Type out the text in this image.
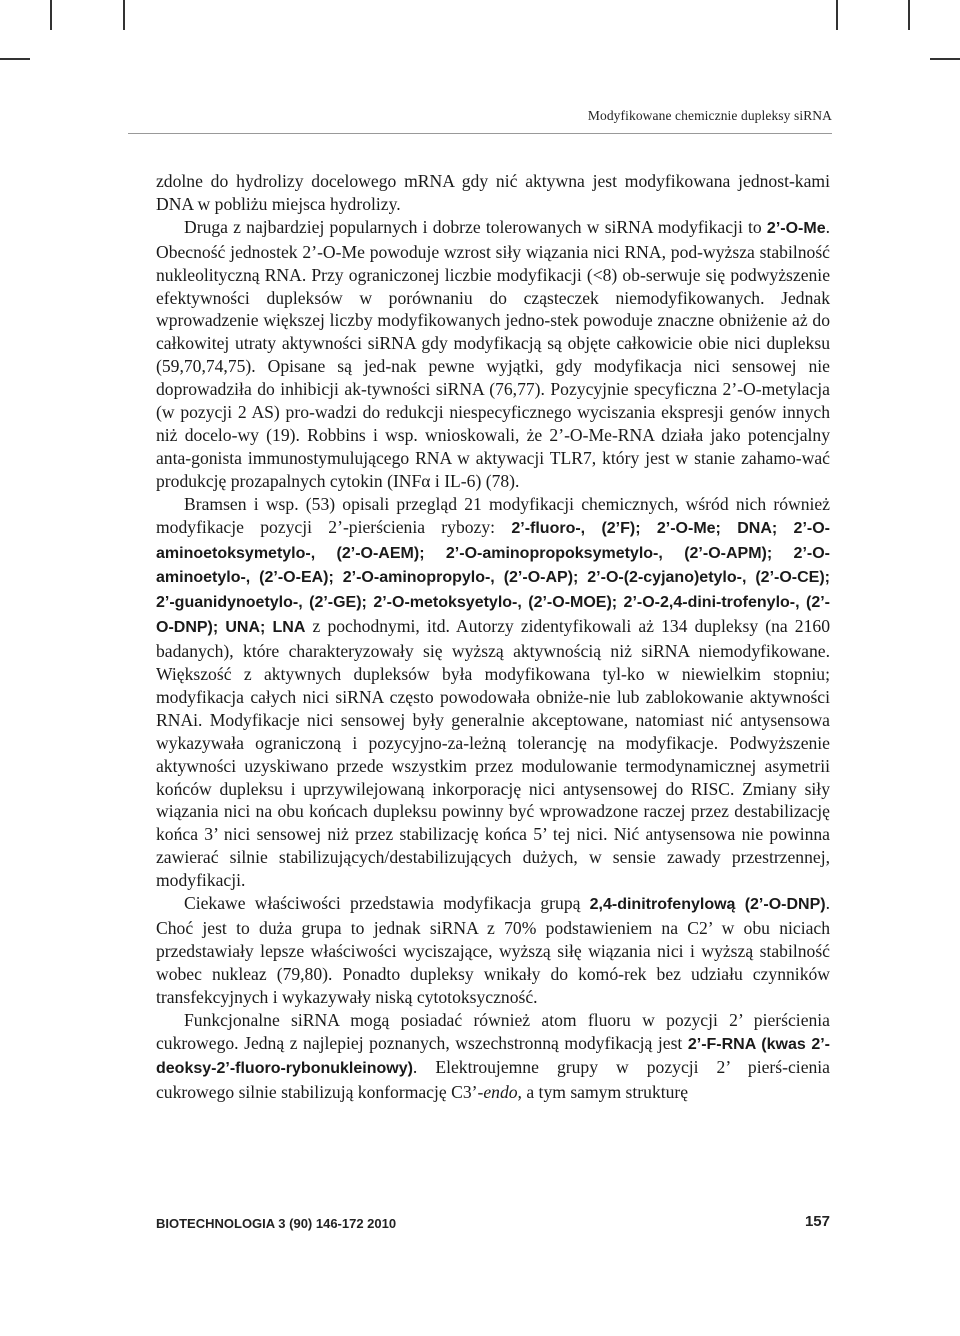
Modyfikowane chemicznie dupleksy siRNA

zdolne do hydrolizy docelowego mRNA gdy nić aktywna jest modyfikowana jednost-kami DNA w pobliżu miejsca hydrolizy.

Druga z najbardziej popularnych i dobrze tolerowanych w siRNA modyfikacji to 2’-O-Me. Obecność jednostek 2’-O-Me powoduje wzrost siły wiązania nici RNA, pod-wyższa stabilność nukleolityczną RNA. Przy ograniczonej liczbie modyfikacji (<8) ob-serwuje się podwyższenie efektywności dupleksów w porównaniu do cząsteczek niemodyfikowanych. Jednak wprowadzenie większej liczby modyfikowanych jedno-stek powoduje znaczne obniżenie aż do całkowitej utraty aktywności siRNA gdy modyfikacją są objęte całkowicie obie nici dupleksu (59,70,74,75). Opisane są jed-nak pewne wyjątki, gdy modyfikacja nici sensowej nie doprowadziła do inhibicji ak-tywności siRNA (76,77). Pozycyjnie specyficzna 2’-O-metylacja (w pozycji 2 AS) pro-wadzi do redukcji niespecyficznego wyciszania ekspresji genów innych niż docelo-wy (19). Robbins i wsp. wnioskowali, że 2’-O-Me-RNA działa jako potencjalny anta-gonista immunostymulującego RNA w aktywacji TLR7, który jest w stanie zahamo-wać produkcję prozapalnych cytokin (INFα i IL-6) (78).

Bramsen i wsp. (53) opisali przegląd 21 modyfikacji chemicznych, wśród nich również modyfikacje pozycji 2’-pierścienia rybozy: 2’-fluoro-, (2’F); 2’-O-Me; DNA; 2’-O-aminoetoksymetylo-, (2’-O-AEM); 2’-O-aminopropoksymetylo-, (2’-O-APM); 2’-O-aminoetylo-, (2’-O-EA); 2’-O-aminopropylo-, (2’-O-AP); 2’-O-(2-cyjano)etylo-, (2’-O-CE); 2’-guanidynoetylo-, (2’-GE); 2’-O-metoksyetylo-, (2’-O-MOE); 2’-O-2,4-dini-trofenylo-, (2’-O-DNP); UNA; LNA z pochodnymi, itd. Autorzy zidentyfikowali aż 134 dupleksy (na 2160 badanych), które charakteryzowały się wyższą aktywnością niż siRNA niemodyfikowane. Większość z aktywnych dupleksów była modyfikowana tyl-ko w niewielkim stopniu; modyfikacja całych nici siRNA często powodowała obniże-nie lub zablokowanie aktywności RNAi. Modyfikacje nici sensowej były generalnie akceptowane, natomiast nić antysensowa wykazywała ograniczoną i pozycyjno-za-leżną tolerancję na modyfikacje. Podwyższenie aktywności uzyskiwano przede wszystkim przez modulowanie termodynamicznej asymetrii końców dupleksu i uprzywilejowaną inkorporację nici antysensowej do RISC. Zmiany siły wiązania nici na obu końcach dupleksu powinny być wprowadzone raczej przez destabilizację końca 3’ nici sensowej niż przez stabilizację końca 5’ tej nici. Nić antysensowa nie powinna zawierać silnie stabilizujących/destabilizujących dużych, w sensie zawady przestrzennej, modyfikacji.

Ciekawe właściwości przedstawia modyfikacja grupą 2,4-dinitrofenylową (2’-O-DNP). Choć jest to duża grupa to jednak siRNA z 70% podstawieniem na C2’ w obu niciach przedstawiały lepsze właściwości wyciszające, wyższą siłę wiązania nici i wyższą stabilność wobec nukleaz (79,80). Ponadto dupleksy wnikały do komó-rek bez udziału czynników transfekcyjnych i wykazywały niską cytotoksyczność.

Funkcjonalne siRNA mogą posiadać również atom fluoru w pozycji 2’ pierścienia cukrowego. Jedną z najlepiej poznanych, wszechstronną modyfikacją jest 2’-F-RNA (kwas 2’-deoksy-2’-fluoro-rybonukleinowy). Elektroujemne grupy w pozycji 2’ pierś-cienia cukrowego silnie stabilizują konformację C3’-endo, a tym samym strukturę

BIOTECHNOLOGIA 3 (90) 146-172 2010	157
